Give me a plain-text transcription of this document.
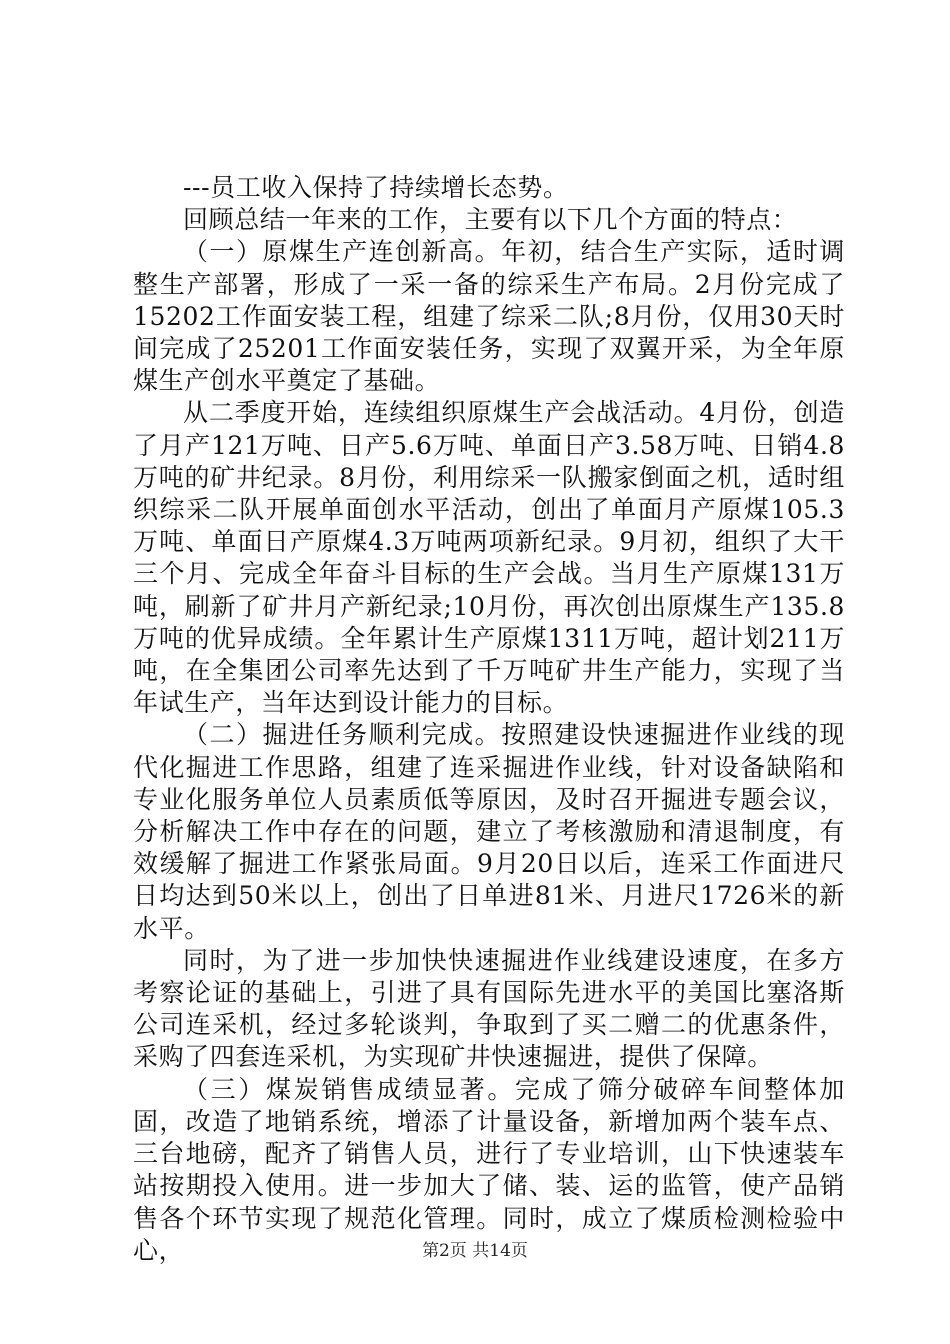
---员工收入保持了持续增长态势。

回顾总结一年来的工作，主要有以下几个方面的特点：

（一）原煤生产连创新高。年初，结合生产实际，适时调整生产部署，形成了一采一备的综采生产布局。2月份完成了15202工作面安装工程，组建了综采二队;8月份，仅用30天时间完成了25201工作面安装任务，实现了双翼开采，为全年原煤生产创水平奠定了基础。

从二季度开始，连续组织原煤生产会战活动。4月份，创造了月产121万吨、日产5.6万吨、单面日产3.58万吨、日销4.8万吨的矿井纪录。8月份，利用综采一队搬家倒面之机，适时组织综采二队开展单面创水平活动，创出了单面月产原煤105.3万吨、单面日产原煤4.3万吨两项新纪录。9月初，组织了大干三个月、完成全年奋斗目标的生产会战。当月生产原煤131万吨，刷新了矿井月产新纪录;10月份，再次创出原煤生产135.8万吨的优异成绩。全年累计生产原煤1311万吨，超计划211万吨，在全集团公司率先达到了千万吨矿井生产能力，实现了当年试生产，当年达到设计能力的目标。

（二）掘进任务顺利完成。按照建设快速掘进作业线的现代化掘进工作思路，组建了连采掘进作业线，针对设备缺陷和专业化服务单位人员素质低等原因，及时召开掘进专题会议，分析解决工作中存在的问题，建立了考核激励和清退制度，有效缓解了掘进工作紧张局面。9月20日以后，连采工作面进尺日均达到50米以上，创出了日单进81米、月进尺1726米的新水平。

同时，为了进一步加快快速掘进作业线建设速度，在多方考察论证的基础上，引进了具有国际先进水平的美国比塞洛斯公司连采机，经过多轮谈判，争取到了买二赠二的优惠条件，采购了四套连采机，为实现矿井快速掘进，提供了保障。

（三）煤炭销售成绩显著。完成了筛分破碎车间整体加固，改造了地销系统，增添了计量设备，新增加两个装车点、三台地磅，配齐了销售人员，进行了专业培训，山下快速装车站按期投入使用。进一步加大了储、装、运的监管，使产品销售各个环节实现了规范化管理。同时，成立了煤质检测检验中心，	第2页 共14页
